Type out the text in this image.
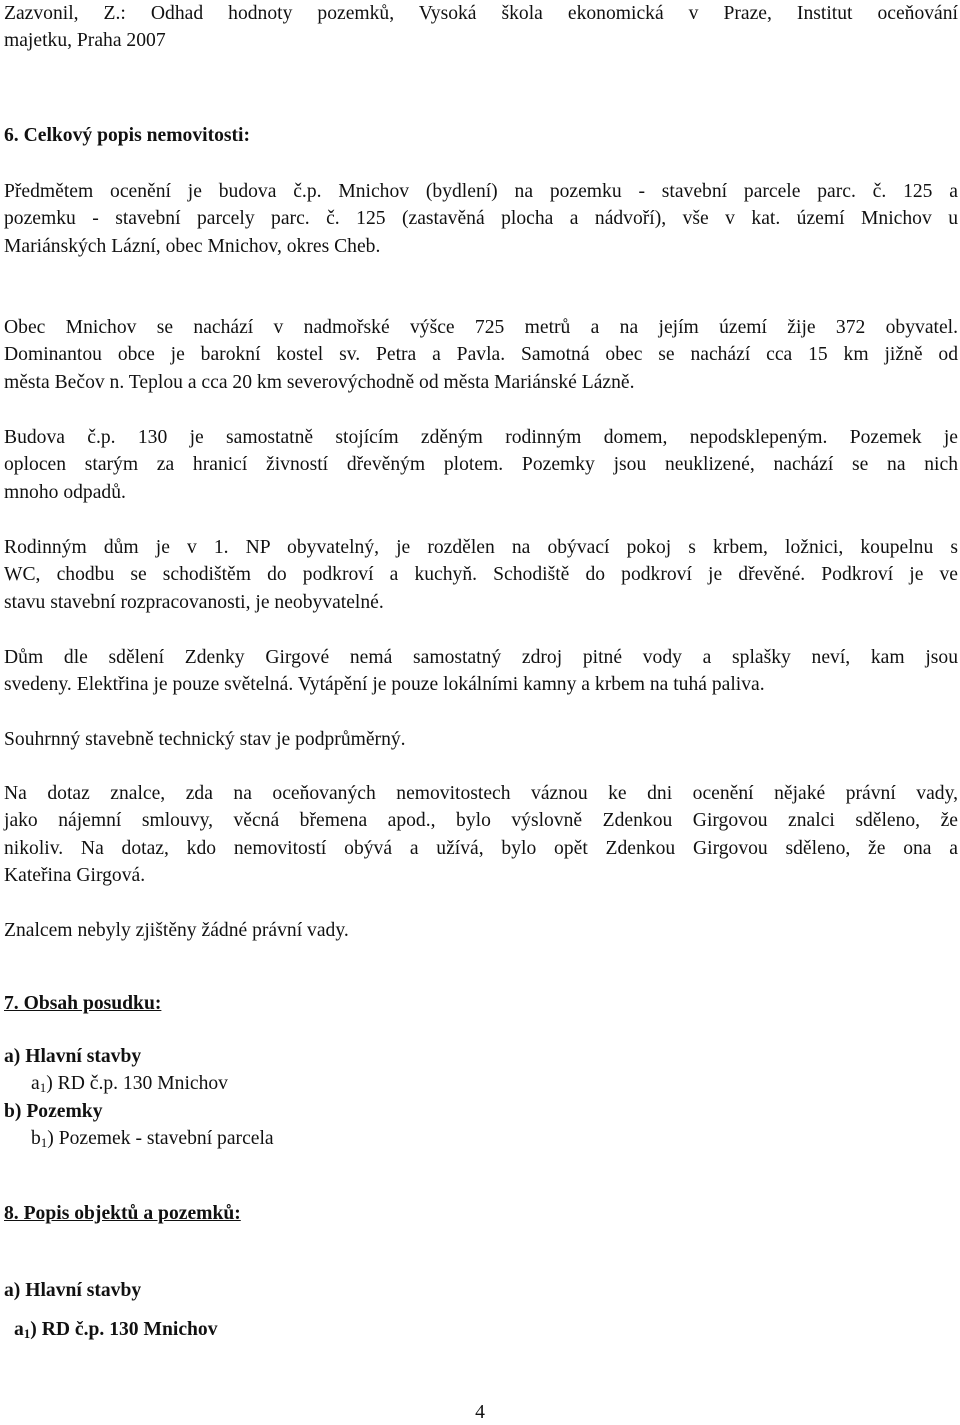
Zazvonil, Z.: Odhad hodnoty pozemků, Vysoká škola ekonomická v Praze, Institut oceňování
majetku, Praha 2007

6. Celkový popis nemovitosti:

Předmětem ocenění je budova č.p. Mnichov (bydlení) na pozemku - stavební parcele parc. č. 125 a
pozemku - stavební parcely parc. č. 125 (zastavěná plocha a nádvoří), vše v kat. území Mnichov u
Mariánských Lázní, obec Mnichov, okres Cheb.

Obec Mnichov se nachází v nadmořské výšce 725 metrů a na jejím území žije 372 obyvatel.
Dominantou obce je barokní kostel sv. Petra a Pavla. Samotná obec se nachází cca 15 km jižně od
města Bečov n. Teplou a cca 20 km severovýchodně od města Mariánské Lázně.

Budova č.p. 130 je samostatně stojícím zděným rodinným domem, nepodsklepeným. Pozemek je
oplocen starým za hranicí živností dřevěným plotem. Pozemky jsou neuklizené, nachází se na nich
mnoho odpadů.

Rodinným dům je v 1. NP obyvatelný, je rozdělen na obývací pokoj s krbem, ložnici, koupelnu s
WC, chodbu se schodištěm do podkroví a kuchyň. Schodiště do podkroví je dřevěné. Podkroví je ve
stavu stavební rozpracovanosti, je neobyvatelné.

Dům dle sdělení Zdenky Girgové nemá samostatný zdroj pitné vody a splašky neví, kam jsou
svedeny. Elektřina je pouze světelná. Vytápění je pouze lokálními kamny a krbem na tuhá paliva.

Souhrnný stavebně technický stav je podprůměrný.

Na dotaz znalce, zda na oceňovaných nemovitostech váznou ke dni ocenění nějaké právní vady,
jako nájemní smlouvy, věcná břemena apod., bylo výslovně Zdenkou Girgovou znalci sděleno, že
nikoliv. Na dotaz, kdo nemovitostí obývá a užívá, bylo opět Zdenkou Girgovou sděleno, že ona a
Kateřina Girgová.

Znalcem nebyly zjištěny žádné právní vady.

7. Obsah posudku:

a) Hlavní stavby
$a_1$) RD č.p. 130 Mnichov
b) Pozemky
$b_1$) Pozemek - stavební parcela

8. Popis objektů a pozemků:

a) Hlavní stavby
$a_1$) RD č.p. 130 Mnichov
4
